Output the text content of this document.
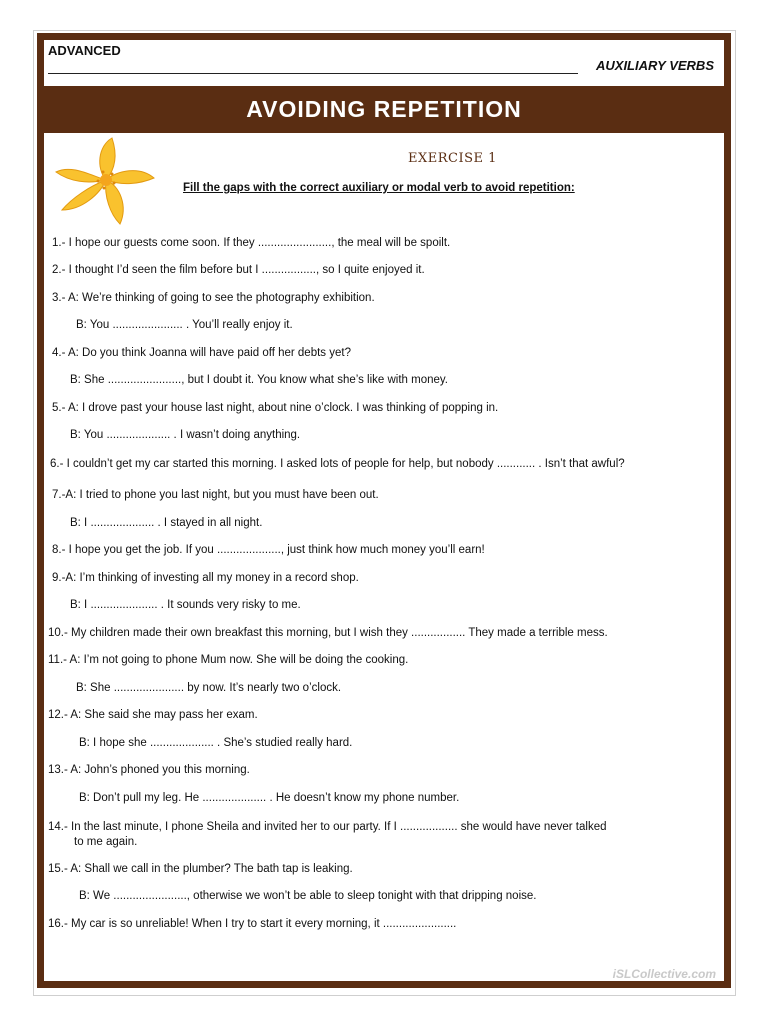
ADVANCED
AUXILIARY VERBS
AVOIDING REPETITION
EXERCISE 1
Fill the gaps with the correct auxiliary or modal verb to avoid repetition:
1.- I hope our guests come soon. If they ......................., the meal will be spoilt.
2.- I thought I’d seen the film before but I ................., so I quite enjoyed it.
3.- A: We’re thinking of going to see the photography exhibition.
B: You ...................... . You’ll really enjoy it.
4.- A: Do you think Joanna will have paid off her debts yet?
B: She ......................., but I doubt it. You know what she’s like with money.
5.- A: I drove past your house last night, about nine o’clock. I was thinking of popping in.
B: You .................... . I wasn’t doing anything.
6.- I couldn’t get my car started this morning. I asked lots of people for help, but nobody ............ . Isn’t that awful?
7.-A: I tried to phone you last night, but you must have been out.
B: I .................... . I stayed in all night.
8.- I hope you get the job. If you ...................., just think how much money you’ll earn!
9.-A: I’m thinking of investing all my money in a record shop.
B: I ..................... . It sounds very risky to me.
10.- My children made their own breakfast this morning, but I wish they ................. They made a terrible mess.
11.- A: I’m not going to phone Mum now. She will be doing the cooking.
B: She ...................... by now. It’s nearly two o’clock.
12.- A: She said she may pass her exam.
B: I hope she .................... . She’s studied really hard.
13.- A: John’s phoned you this morning.
B: Don’t pull my leg. He .................... . He doesn’t know my phone number.
14.- In the last minute, I phone Sheila and invited her to our party. If I .................. she would have never talked
to me again.
15.- A: Shall we call in the plumber? The bath tap is leaking.
B: We ......................., otherwise we won’t be able to sleep tonight with that dripping noise.
16.- My car is so unreliable! When I try to start it every morning, it .......................
iSLCollective.com
